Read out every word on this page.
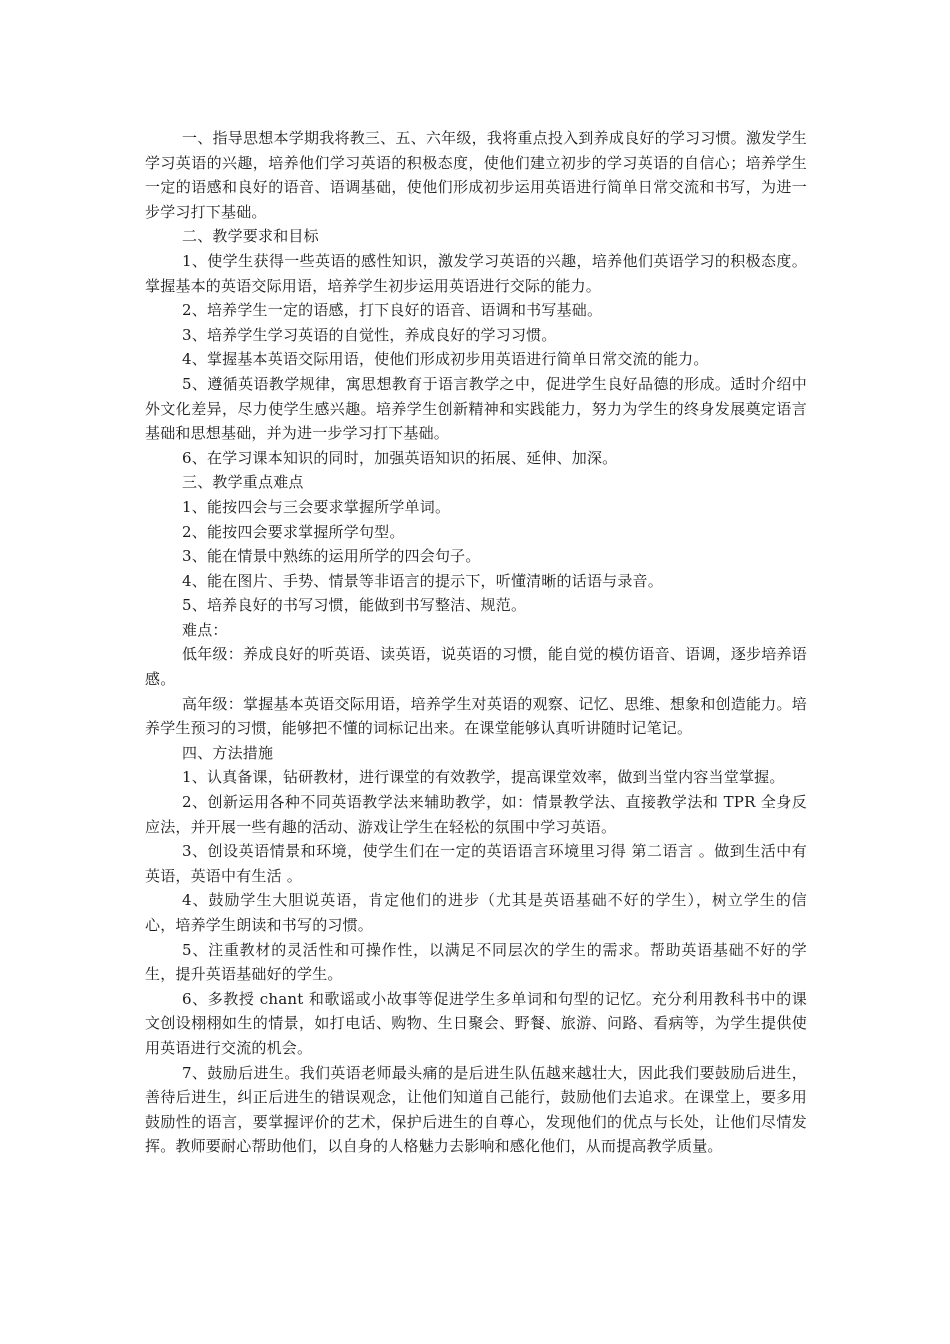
一、指导思想本学期我将教三、五、六年级，我将重点投入到养成良好的学习习惯。激发学生学习英语的兴趣，培养他们学习英语的积极态度，使他们建立初步的学习英语的自信心；培养学生一定的语感和良好的语音、语调基础，使他们形成初步运用英语进行简单日常交流和书写，为进一步学习打下基础。

二、教学要求和目标

1、使学生获得一些英语的感性知识，激发学习英语的兴趣，培养他们英语学习的积极态度。掌握基本的英语交际用语，培养学生初步运用英语进行交际的能力。

2、培养学生一定的语感，打下良好的语音、语调和书写基础。

3、培养学生学习英语的自觉性，养成良好的学习习惯。

4、掌握基本英语交际用语，使他们形成初步用英语进行简单日常交流的能力。

5、遵循英语教学规律，寓思想教育于语言教学之中，促进学生良好品德的形成。适时介绍中外文化差异，尽力使学生感兴趣。培养学生创新精神和实践能力，努力为学生的终身发展奠定语言基础和思想基础，并为进一步学习打下基础。

6、在学习课本知识的同时，加强英语知识的拓展、延伸、加深。

三、教学重点难点

1、能按四会与三会要求掌握所学单词。

2、能按四会要求掌握所学句型。

3、能在情景中熟练的运用所学的四会句子。

4、能在图片、手势、情景等非语言的提示下，听懂清晰的话语与录音。

5、培养良好的书写习惯，能做到书写整洁、规范。

难点：

低年级：养成良好的听英语、读英语，说英语的习惯，能自觉的模仿语音、语调，逐步培养语感。

高年级：掌握基本英语交际用语，培养学生对英语的观察、记忆、思维、想象和创造能力。培养学生预习的习惯，能够把不懂的词标记出来。在课堂能够认真听讲随时记笔记。

四、方法措施

1、认真备课，钻研教材，进行课堂的有效教学，提高课堂效率，做到当堂内容当堂掌握。

2、创新运用各种不同英语教学法来辅助教学，如：情景教学法、直接教学法和 TPR 全身反应法，并开展一些有趣的活动、游戏让学生在轻松的氛围中学习英语。

3、创设英语情景和环境，使学生们在一定的英语语言环境里习得 第二语言 。做到生活中有英语，英语中有生活 。

4、鼓励学生大胆说英语，肯定他们的进步（尤其是英语基础不好的学生），树立学生的信心，培养学生朗读和书写的习惯。

5、注重教材的灵活性和可操作性，以满足不同层次的学生的需求。帮助英语基础不好的学生，提升英语基础好的学生。

6、多教授 chant 和歌谣或小故事等促进学生多单词和句型的记忆。充分利用教科书中的课文创设栩栩如生的情景，如打电话、购物、生日聚会、野餐、旅游、问路、看病等，为学生提供使用英语进行交流的机会。

7、鼓励后进生。我们英语老师最头痛的是后进生队伍越来越壮大，因此我们要鼓励后进生，善待后进生，纠正后进生的错误观念，让他们知道自己能行，鼓励他们去追求。在课堂上，要多用鼓励性的语言，要掌握评价的艺术，保护后进生的自尊心，发现他们的优点与长处，让他们尽情发挥。教师要耐心帮助他们，以自身的人格魅力去影响和感化他们，从而提高教学质量。
